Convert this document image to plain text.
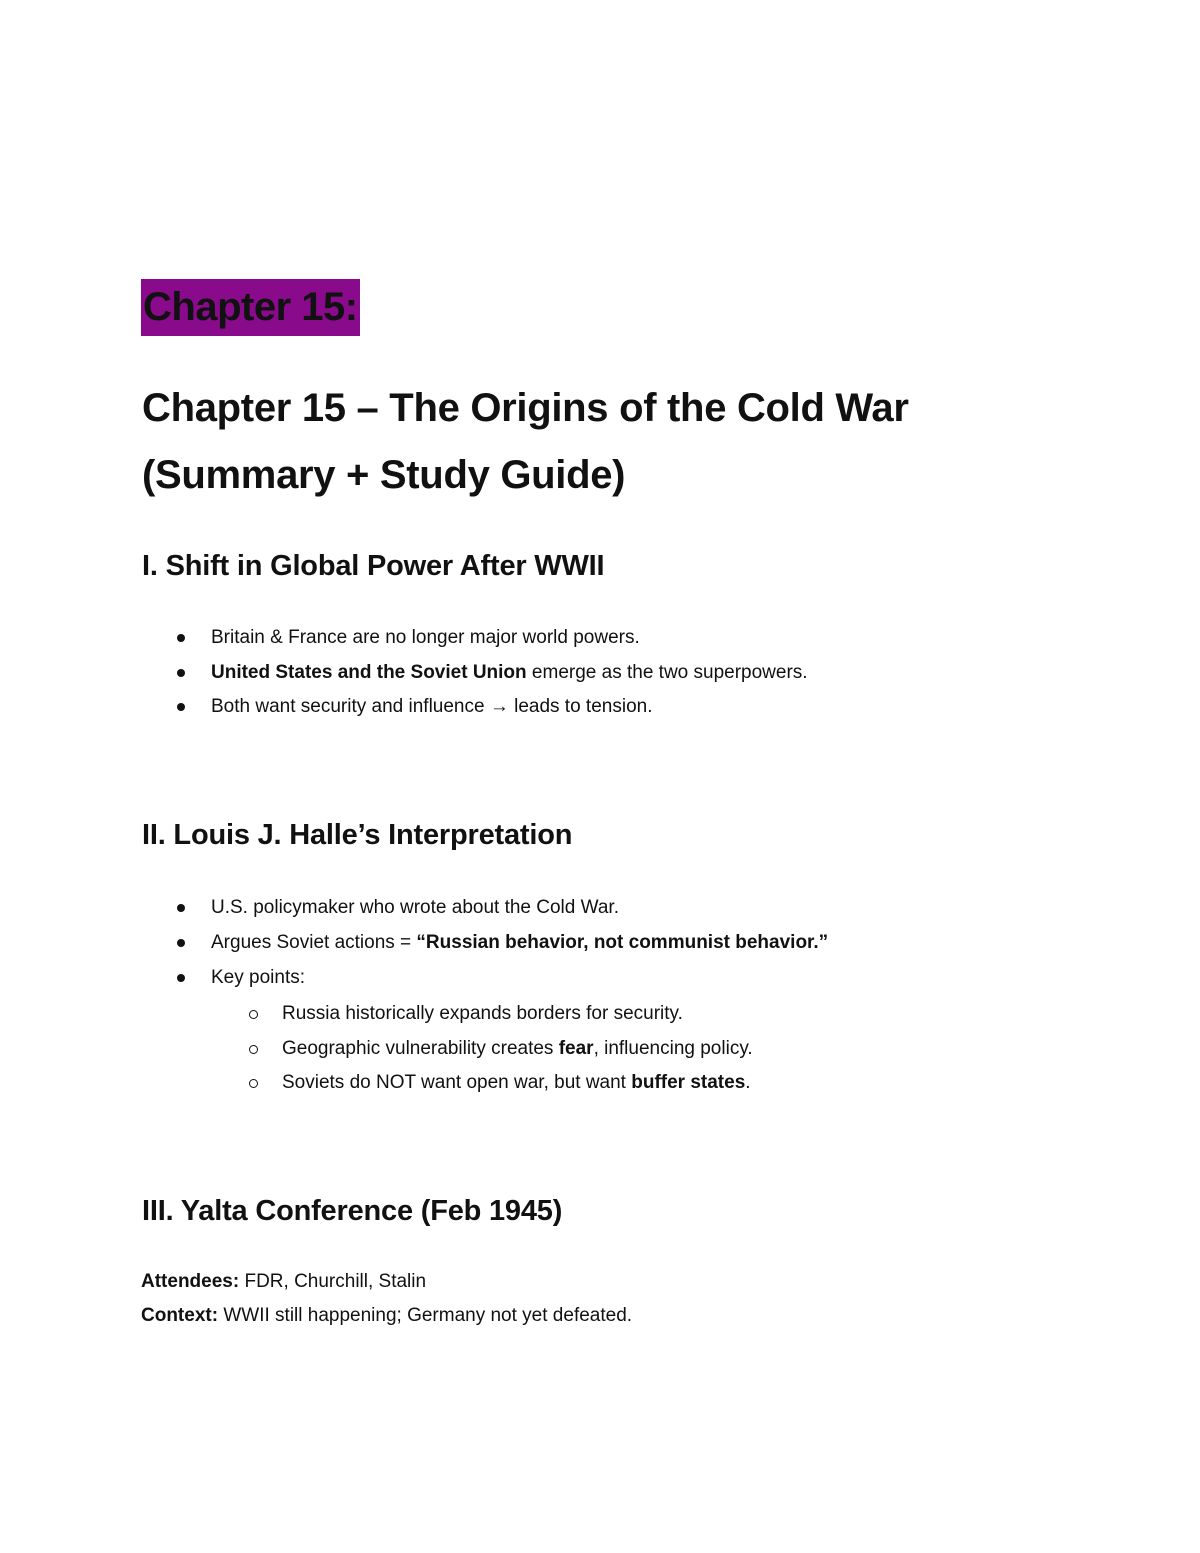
Chapter 15:
Chapter 15 – The Origins of the Cold War
(Summary + Study Guide)
I. Shift in Global Power After WWII
Britain & France are no longer major world powers.
United States and the Soviet Union emerge as the two superpowers.
Both want security and influence → leads to tension.
II. Louis J. Halle’s Interpretation
U.S. policymaker who wrote about the Cold War.
Argues Soviet actions = “Russian behavior, not communist behavior.”
Key points:
Russia historically expands borders for security.
Geographic vulnerability creates fear, influencing policy.
Soviets do NOT want open war, but want buffer states.
III. Yalta Conference (Feb 1945)
Attendees: FDR, Churchill, Stalin
Context: WWII still happening; Germany not yet defeated.
